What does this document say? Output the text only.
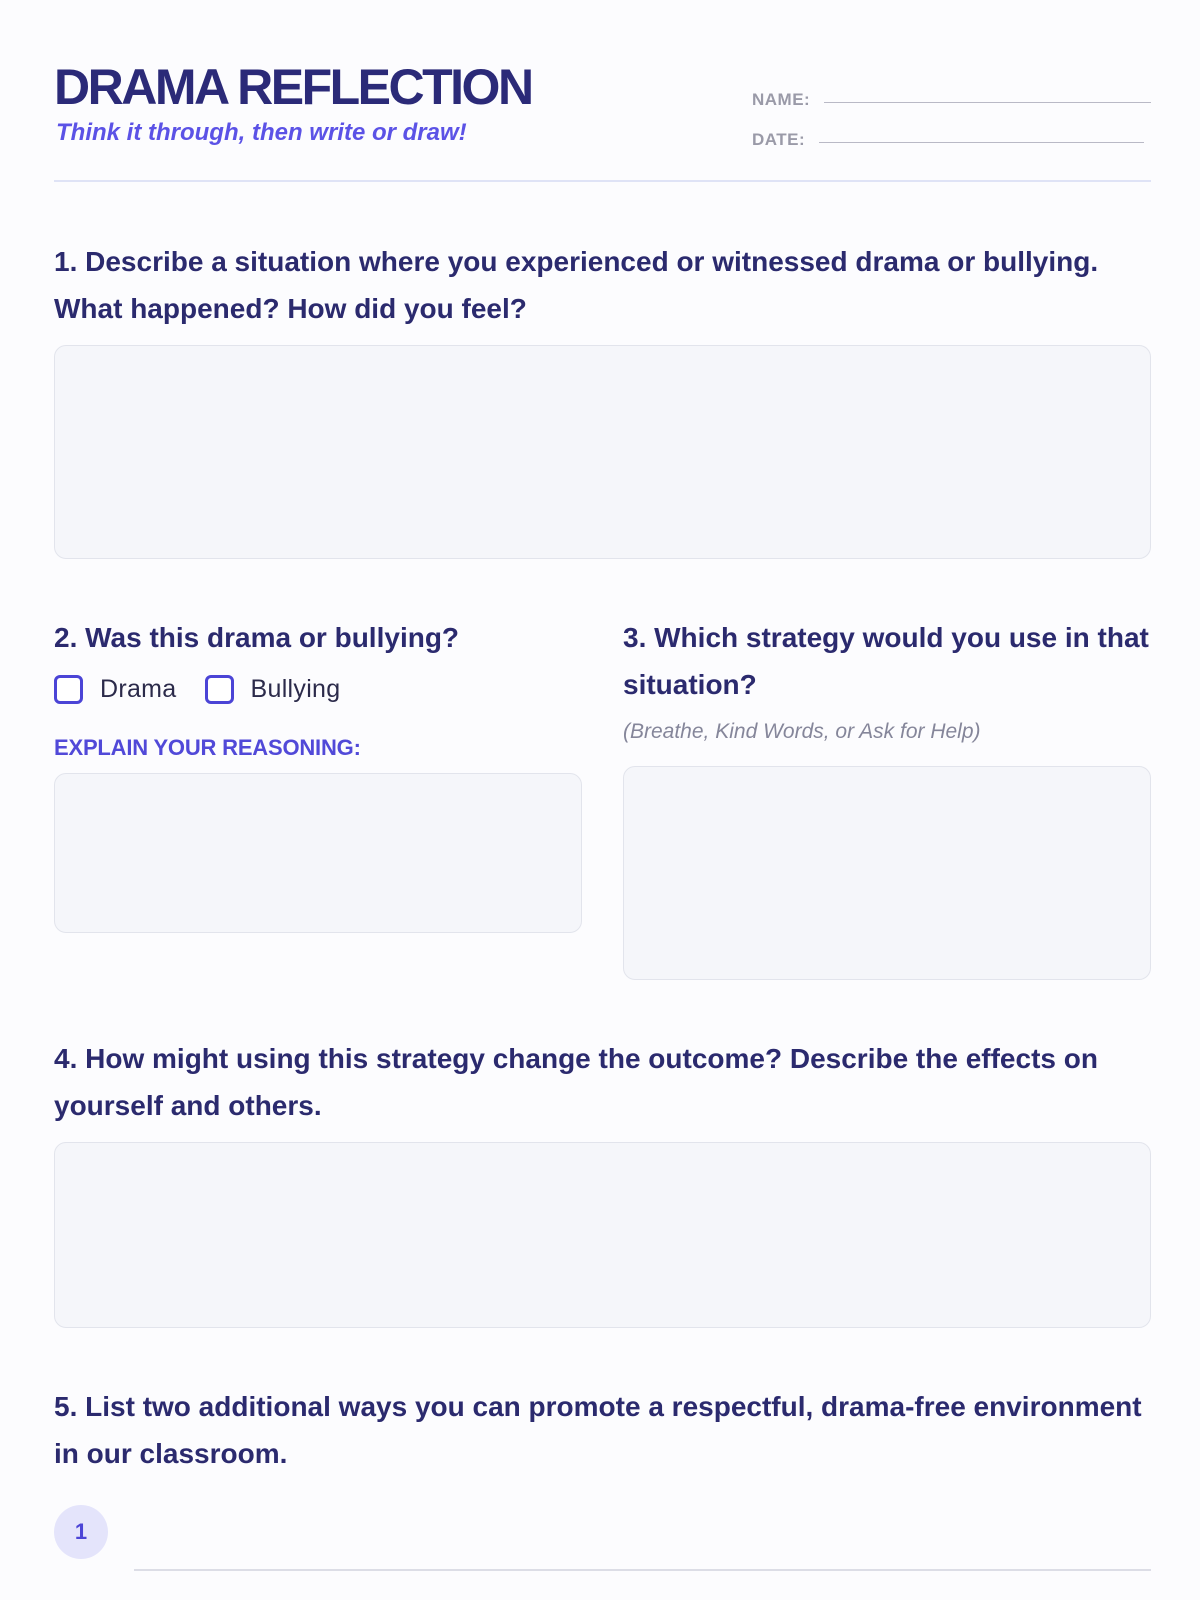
DRAMA REFLECTION

Think it through, then write or draw!

NAME:
DATE:

1. Describe a situation where you experienced or witnessed drama or bullying. What happened? How did you feel?

2. Was this drama or bullying?

Drama	Bullying
EXPLAIN YOUR REASONING:

3. Which strategy would you use in that situation?

(Breathe, Kind Words, or Ask for Help)

4. How might using this strategy change the outcome? Describe the effects on yourself and others.

5. List two additional ways you can promote a respectful, drama-free environment in our classroom.

1
